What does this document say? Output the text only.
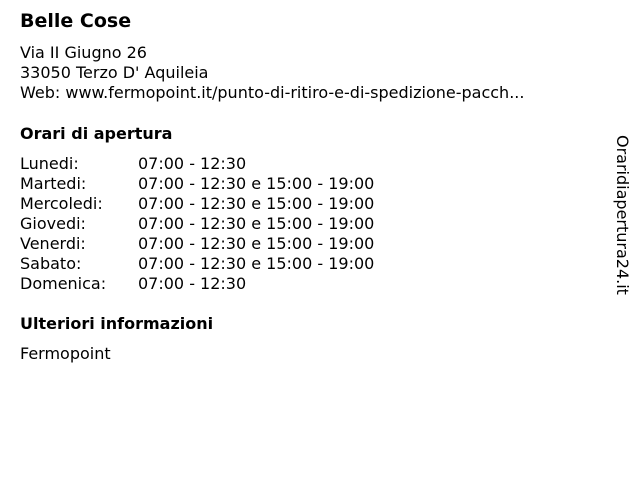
Belle Cose
Via II Giugno 26
33050 Terzo D' Aquileia
Web: www.fermopoint.it/punto-di-ritiro-e-di-spedizione-pacch...
Orari di apertura
Lunedi:	07:00 - 12:30
Martedi:	07:00 - 12:30 e 15:00 - 19:00
Mercoledi: 07:00 - 12:30 e 15:00 - 19:00
Giovedi:	07:00 - 12:30 e 15:00 - 19:00
Venerdi:	07:00 - 12:30 e 15:00 - 19:00
Sabato:	07:00 - 12:30 e 15:00 - 19:00
Domenica: 07:00 - 12:30
Ulteriori informazioni
Fermopoint
Oraridiapertura24.it
